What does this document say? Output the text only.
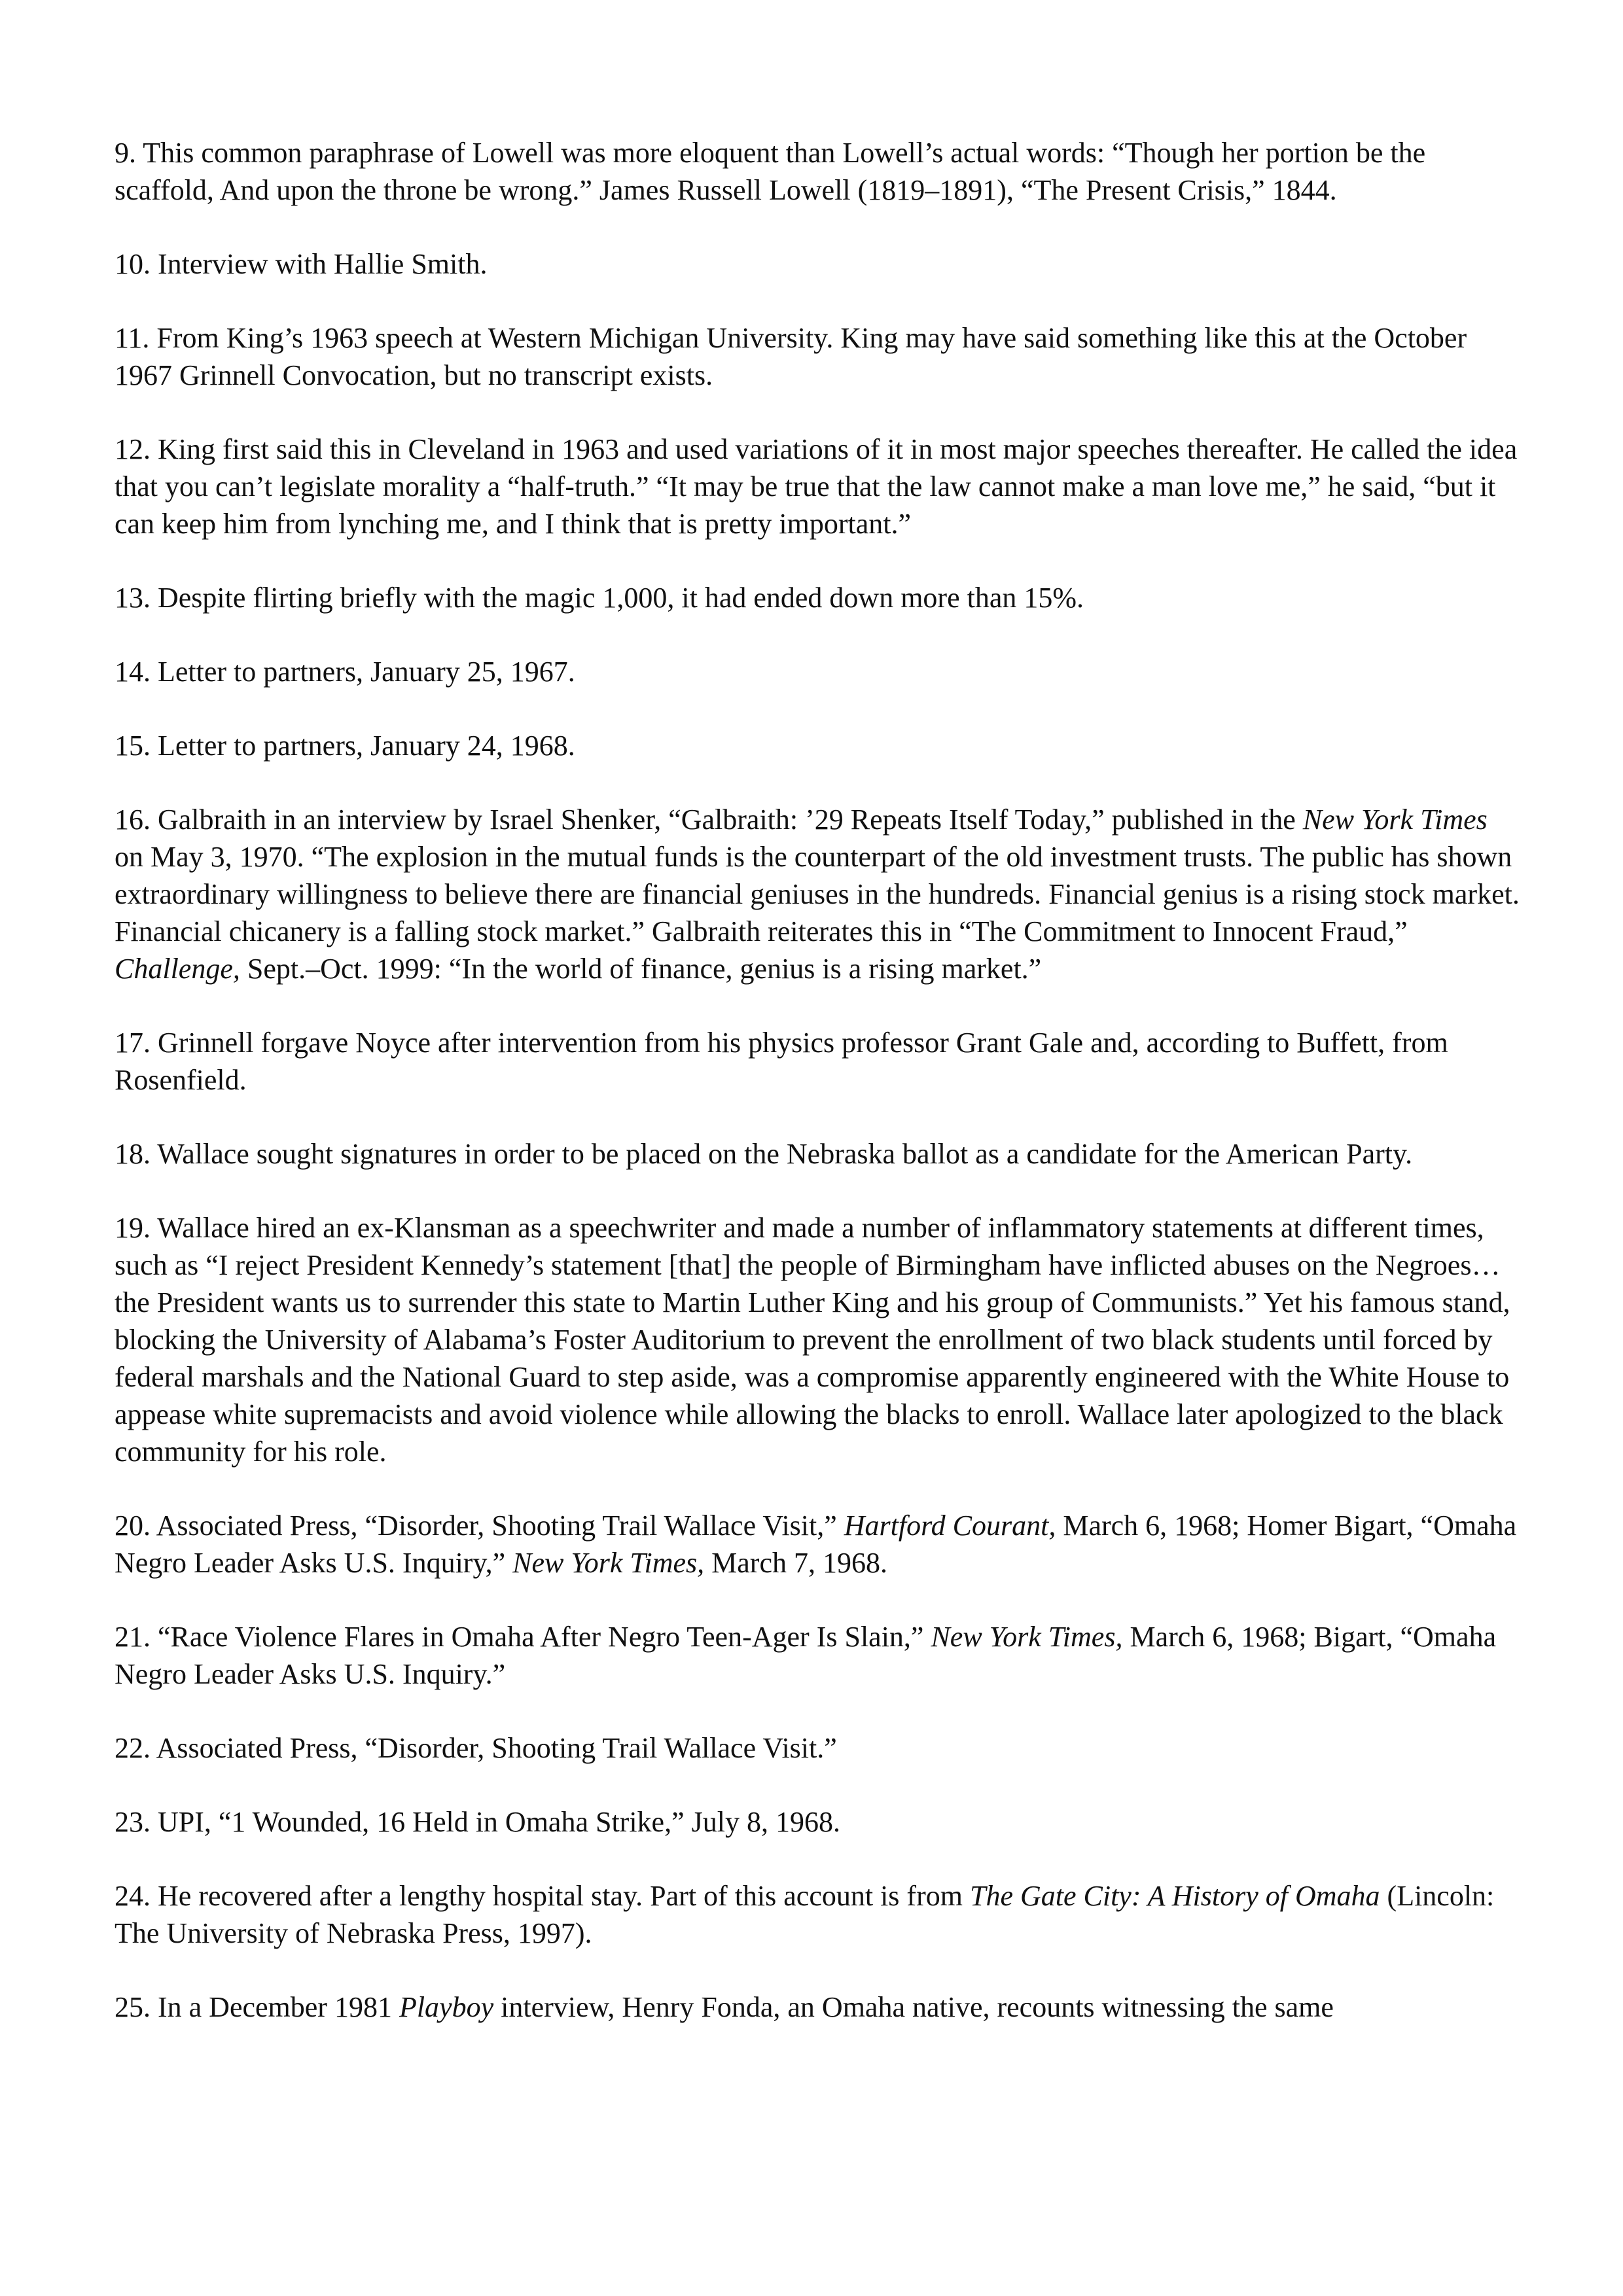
9. This common paraphrase of Lowell was more eloquent than Lowell’s actual words: “Though her portion be the scaffold, And upon the throne be wrong.” James Russell Lowell (1819–1891), “The Present Crisis,” 1844.

10. Interview with Hallie Smith.

11. From King’s 1963 speech at Western Michigan University. King may have said something like this at the October 1967 Grinnell Convocation, but no transcript exists.

12. King first said this in Cleveland in 1963 and used variations of it in most major speeches thereafter. He called the idea that you can’t legislate morality a “half-truth.” “It may be true that the law cannot make a man love me,” he said, “but it can keep him from lynching me, and I think that is pretty important.”

13. Despite flirting briefly with the magic 1,000, it had ended down more than 15%.

14. Letter to partners, January 25, 1967.

15. Letter to partners, January 24, 1968.

16. Galbraith in an interview by Israel Shenker, “Galbraith: ’29 Repeats Itself Today,” published in the New York Times on May 3, 1970. “The explosion in the mutual funds is the counterpart of the old investment trusts. The public has shown extraordinary willingness to believe there are financial geniuses in the hundreds. Financial genius is a rising stock market. Financial chicanery is a falling stock market.” Galbraith reiterates this in “The Commitment to Innocent Fraud,” Challenge, Sept.–Oct. 1999: “In the world of finance, genius is a rising market.”

17. Grinnell forgave Noyce after intervention from his physics professor Grant Gale and, according to Buffett, from Rosenfield.

18. Wallace sought signatures in order to be placed on the Nebraska ballot as a candidate for the American Party.

19. Wallace hired an ex-Klansman as a speechwriter and made a number of inflammatory statements at different times, such as “I reject President Kennedy’s statement [that] the people of Birmingham have inflicted abuses on the Negroes…the President wants us to surrender this state to Martin Luther King and his group of Communists.” Yet his famous stand, blocking the University of Alabama’s Foster Auditorium to prevent the enrollment of two black students until forced by federal marshals and the National Guard to step aside, was a compromise apparently engineered with the White House to appease white supremacists and avoid violence while allowing the blacks to enroll. Wallace later apologized to the black community for his role.

20. Associated Press, “Disorder, Shooting Trail Wallace Visit,” Hartford Courant, March 6, 1968; Homer Bigart, “Omaha Negro Leader Asks U.S. Inquiry,” New York Times, March 7, 1968.

21. “Race Violence Flares in Omaha After Negro Teen-Ager Is Slain,” New York Times, March 6, 1968; Bigart, “Omaha Negro Leader Asks U.S. Inquiry.”

22. Associated Press, “Disorder, Shooting Trail Wallace Visit.”

23. UPI, “1 Wounded, 16 Held in Omaha Strike,” July 8, 1968.

24. He recovered after a lengthy hospital stay. Part of this account is from The Gate City: A History of Omaha (Lincoln: The University of Nebraska Press, 1997).

25. In a December 1981 Playboy interview, Henry Fonda, an Omaha native, recounts witnessing the same
